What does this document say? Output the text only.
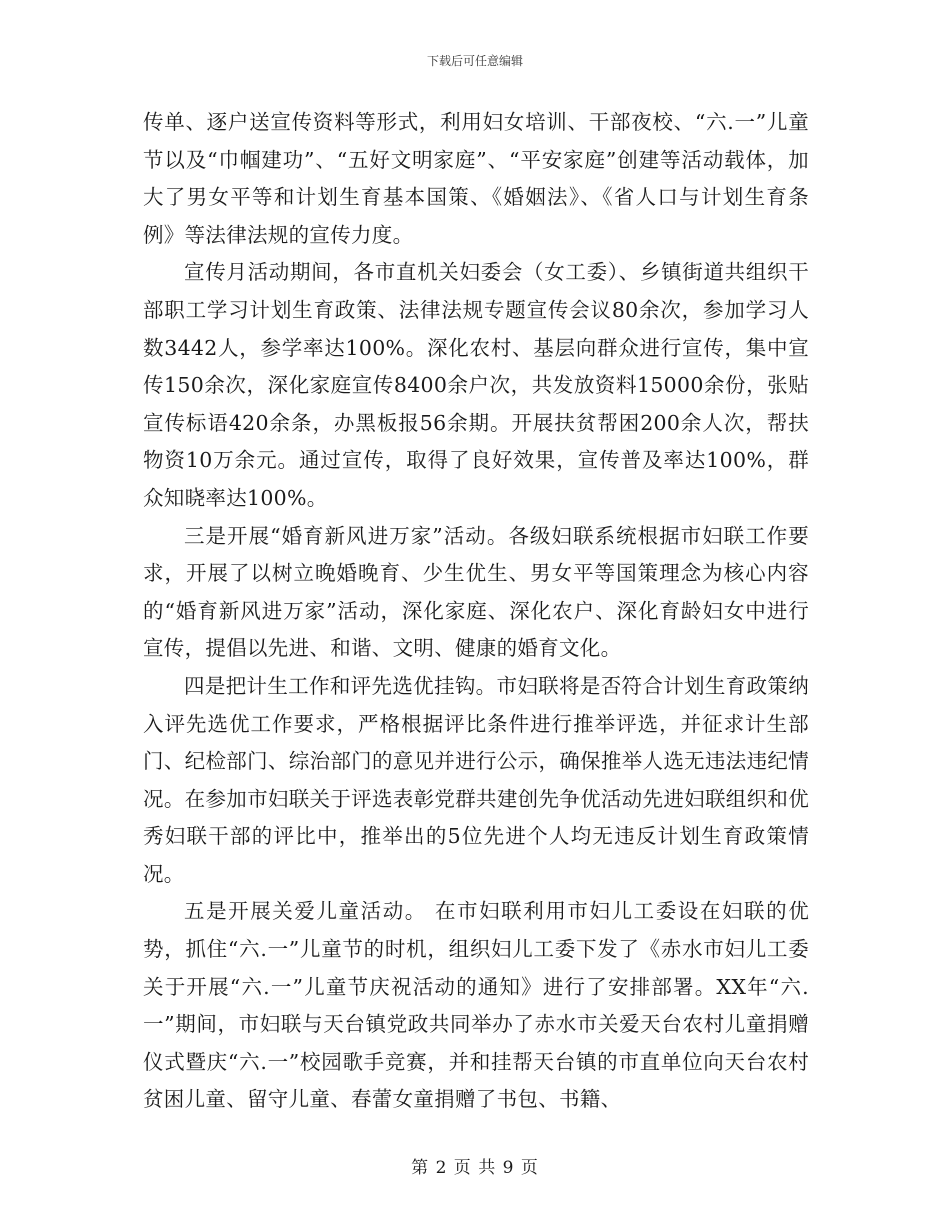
下载后可任意编辑

传单、逐户送宣传资料等形式，利用妇女培训、干部夜校、“六.一”儿童节以及“巾帼建功”、“五好文明家庭”、“平安家庭”创建等活动载体，加大了男女平等和计划生育基本国策、《婚姻法》、《省人口与计划生育条例》等法律法规的宣传力度。

宣传月活动期间，各市直机关妇委会（女工委）、乡镇街道共组织干部职工学习计划生育政策、法律法规专题宣传会议80余次，参加学习人数3442人，参学率达100%。深化农村、基层向群众进行宣传，集中宣传150余次，深化家庭宣传8400余户次，共发放资料15000余份，张贴宣传标语420余条，办黑板报56余期。开展扶贫帮困200余人次，帮扶物资10万余元。通过宣传，取得了良好效果，宣传普及率达100%，群众知晓率达100%。

三是开展“婚育新风进万家”活动。各级妇联系统根据市妇联工作要求，开展了以树立晚婚晚育、少生优生、男女平等国策理念为核心内容的“婚育新风进万家”活动，深化家庭、深化农户、深化育龄妇女中进行宣传，提倡以先进、和谐、文明、健康的婚育文化。

四是把计生工作和评先选优挂钩。市妇联将是否符合计划生育政策纳入评先选优工作要求，严格根据评比条件进行推举评选，并征求计生部门、纪检部门、综治部门的意见并进行公示，确保推举人选无违法违纪情况。在参加市妇联关于评选表彰党群共建创先争优活动先进妇联组织和优秀妇联干部的评比中，推举出的5位先进个人均无违反计划生育政策情况。

五是开展关爱儿童活动。 在市妇联利用市妇儿工委设在妇联的优势，抓住“六.一”儿童节的时机，组织妇儿工委下发了《赤水市妇儿工委关于开展“六.一”儿童节庆祝活动的通知》进行了安排部署。XX年“六.一”期间，市妇联与天台镇党政共同举办了赤水市关爱天台农村儿童捐赠仪式暨庆“六.一”校园歌手竞赛，并和挂帮天台镇的市直单位向天台农村贫困儿童、留守儿童、春蕾女童捐赠了书包、书籍、

第 2 页 共 9 页
